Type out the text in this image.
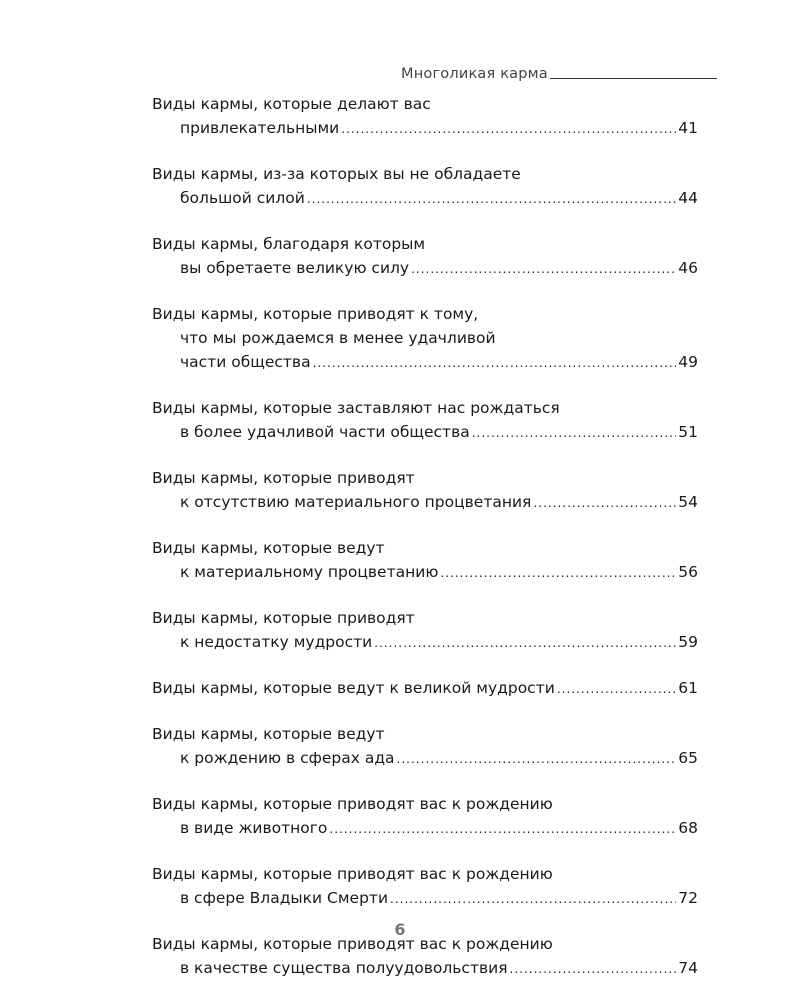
Многоликая карма
Виды кармы, которые делают вас
привлекательными .....	41
Виды кармы, из-за которых вы не обладаете
большой силой .....	44
Виды кармы, благодаря которым
вы обретаете великую силу .....	46
Виды кармы, которые приводят к тому,
что мы рождаемся в менее удачливой
части общества .....	49
Виды кармы, которые заставляют нас рождаться
в более удачливой части общества .....	51
Виды кармы, которые приводят
к отсутствию материального процветания .....	54
Виды кармы, которые ведут
к материальному процветанию .....	56
Виды кармы, которые приводят
к недостатку мудрости .....	59
Виды кармы, которые ведут к великой мудрости .....	61
Виды кармы, которые ведут
к рождению в сферах ада .....	65
Виды кармы, которые приводят вас к рождению
в виде животного .....	68
Виды кармы, которые приводят вас к рождению
в сфере Владыки Смерти .....	72
Виды кармы, которые приводят вас к рождению
в качестве существа полуудовольствия .....	74
6
